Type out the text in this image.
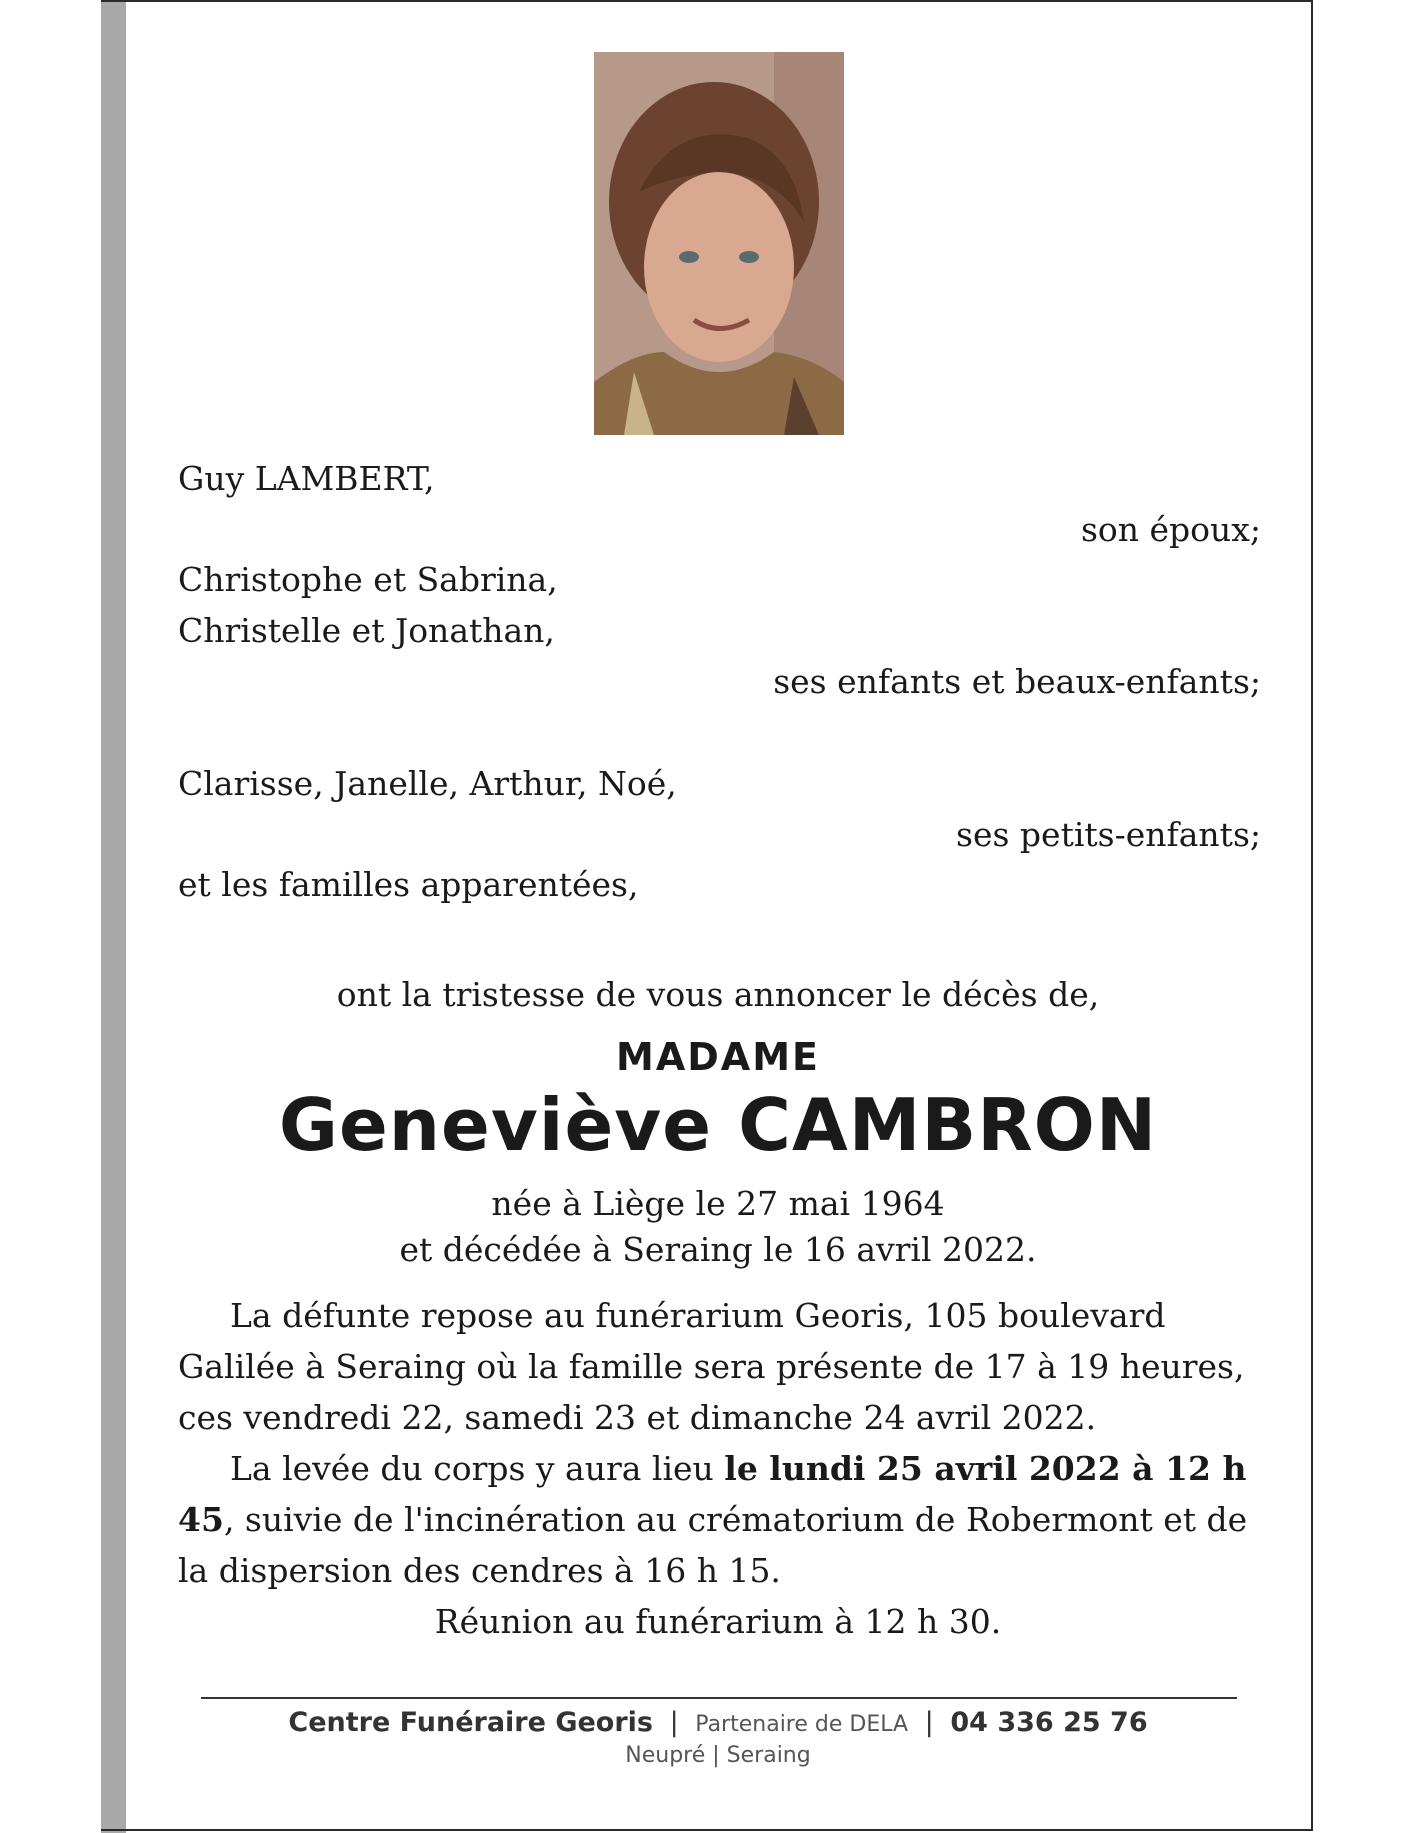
Guy LAMBERT,
son époux;
Christophe et Sabrina,
Christelle et Jonathan,
ses enfants et beaux-enfants;
Clarisse, Janelle, Arthur, Noé,
ses petits-enfants;
et les familles apparentées,
ont la tristesse de vous annoncer le décès de,
MADAME
Geneviève CAMBRON
née à Liège le 27 mai 1964
et décédée à Seraing le 16 avril 2022.

La défunte repose au funérarium Georis, 105 boulevard Galilée à Seraing où la famille sera présente de 17 à 19 heures, ces vendredi 22, samedi 23 et dimanche 24 avril 2022.

La levée du corps y aura lieu le lundi 25 avril 2022 à 12 h 45, suivie de l'incinération au crématorium de Robermont et de la dispersion des cendres à 16 h 15.

Réunion au funérarium à 12 h 30.

Centre Funéraire Georis | Partenaire de DELA | 04 336 25 76
Neupré | Seraing
